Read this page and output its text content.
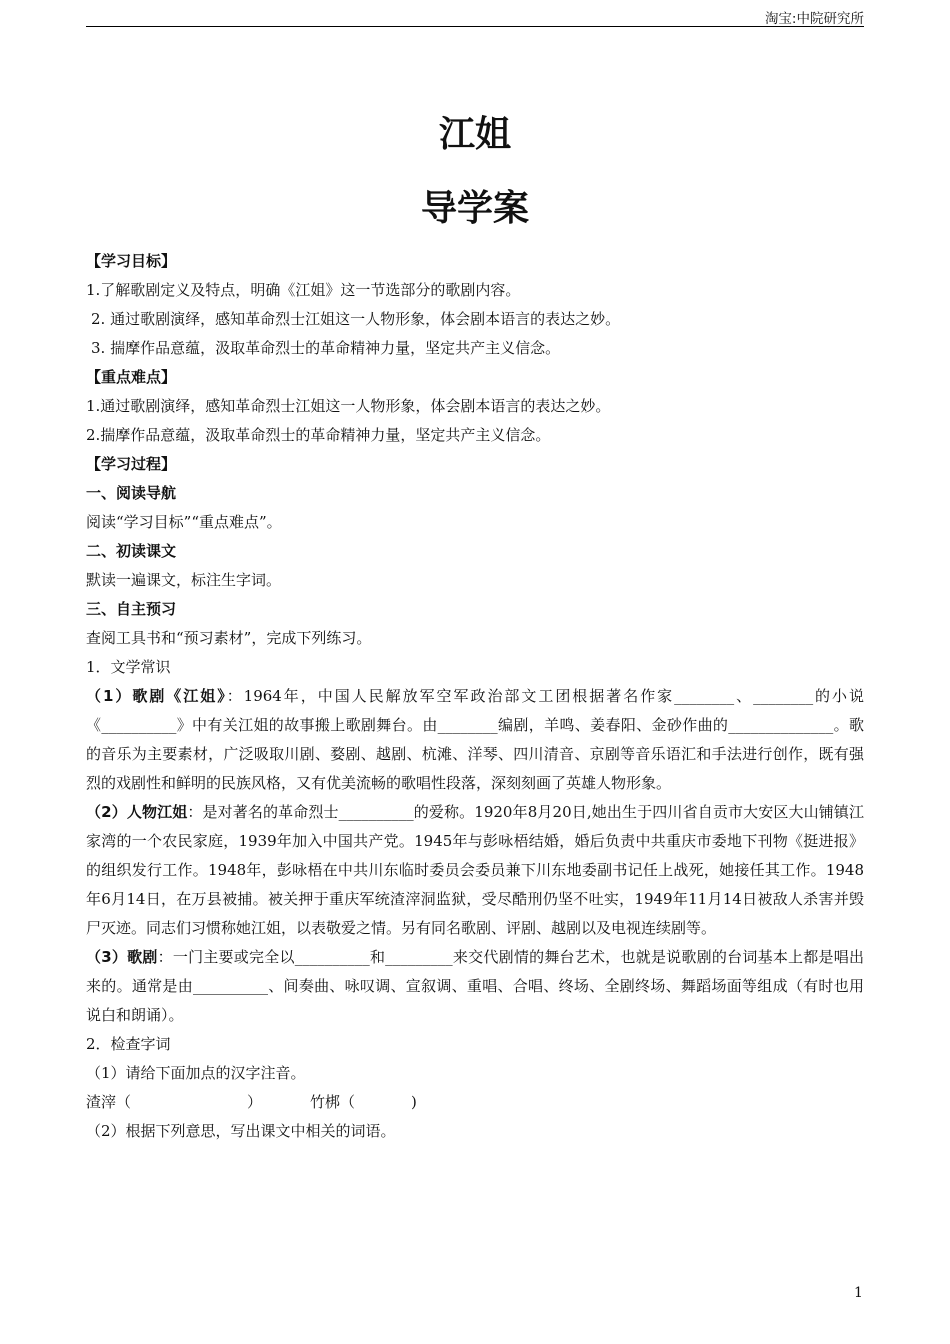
淘宝:中院研究所
江姐
导学案
【学习目标】
1.了解歌剧定义及特点，明确《江姐》这一节选部分的歌剧内容。
2. 通过歌剧演绎，感知革命烈士江姐这一人物形象，体会剧本语言的表达之妙。
3. 揣摩作品意蕴，汲取革命烈士的革命精神力量，坚定共产主义信念。
【重点难点】
1.通过歌剧演绎，感知革命烈士江姐这一人物形象，体会剧本语言的表达之妙。
2.揣摩作品意蕴，汲取革命烈士的革命精神力量，坚定共产主义信念。
【学习过程】
一、阅读导航
阅读“学习目标”“重点难点”。
二、初读课文
默读一遍课文，标注生字词。
三、自主预习
查阅工具书和“预习素材”，完成下列练习。
1．文学常识
（1）歌剧《江姐》：1964年，中国人民解放军空军政治部文工团根据著名作家________、________的小说《__________》中有关江姐的故事搬上歌剧舞台。由________编剧，羊鸣、姜春阳、金砂作曲的______________。歌的音乐为主要素材，广泛吸取川剧、婺剧、越剧、杭滩、洋琴、四川清音、京剧等音乐语汇和手法进行创作，既有强烈的戏剧性和鲜明的民族风格，又有优美流畅的歌唱性段落，深刻刻画了英雄人物形象。
（2）人物江姐：是对著名的革命烈士__________的爱称。1920年8月20日,她出生于四川省自贡市大安区大山铺镇江家湾的一个农民家庭，1939年加入中国共产党。1945年与彭咏梧结婚，婚后负责中共重庆市委地下刊物《挺进报》的组织发行工作。1948年，彭咏梧在中共川东临时委员会委员兼下川东地委副书记任上战死，她接任其工作。1948年6月14日，在万县被捕。被关押于重庆军统渣滓洞监狱，受尽酷刑仍坚不吐实，1949年11月14日被敌人杀害并毁尸灭迹。同志们习惯称她江姐，以表敬爱之情。另有同名歌剧、评剧、越剧以及电视连续剧等。
（3）歌剧：一门主要或完全以__________和_________来交代剧情的舞台艺术，也就是说歌剧的台词基本上都是唱出来的。通常是由__________、间奏曲、咏叹调、宣叙调、重唱、合唱、终场、全剧终场、舞蹈场面等组成（有时也用说白和朗诵）。
2．检查字词
（1）请给下面加点的汉字注音。
渣滓（	）	竹梆（	)
（2）根据下列意思，写出课文中相关的词语。
1
